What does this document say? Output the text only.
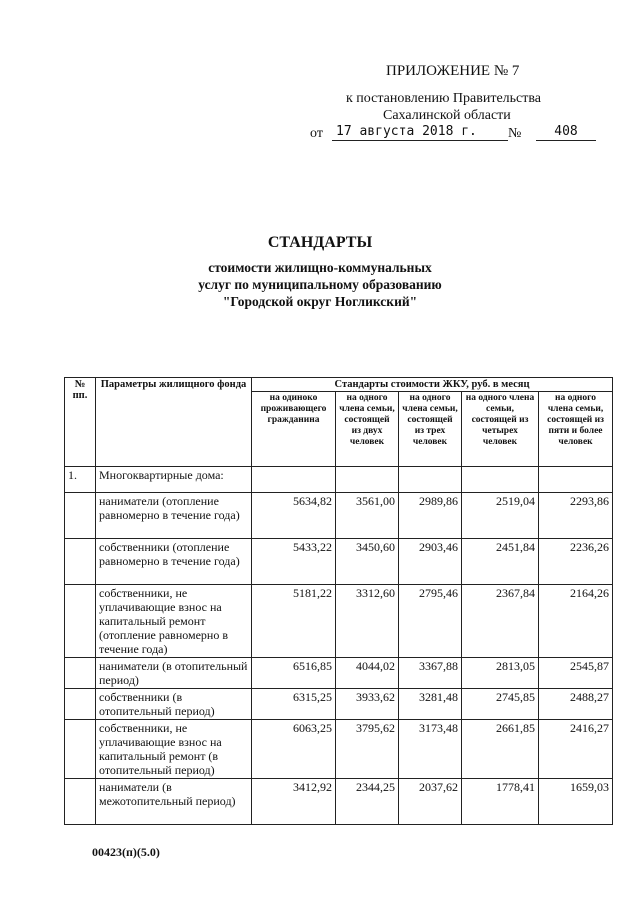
ПРИЛОЖЕНИЕ № 7
к постановлению Правительства
Сахалинской области
от	17 августа 2018 г.	№	408
СТАНДАРТЫ
стоимости жилищно-коммунальных
услуг по муниципальному образованию
"Городской округ Ногликский"
№ пп.	Параметры жилищного фонда	Стандарты стоимости ЖКУ, руб. в месяц				
		на одиноко проживающего гражданина	на одного члена семьи, состоящей из двух человек	на одного члена семьи, состоящей из трех человек	на одного члена семьи, состоящей из четырех человек	на одного члена семьи, состоящей из пяти и более человек
1.	Многоквартирные дома:					
	наниматели (отопление равномерно в течение года)	5634,82	3561,00	2989,86	2519,04	2293,86
	собственники (отопление равномерно в течение года)	5433,22	3450,60	2903,46	2451,84	2236,26
	собственники, не уплачивающие взнос на капитальный ремонт (отопление равномерно в течение года)	5181,22	3312,60	2795,46	2367,84	2164,26
	наниматели (в отопительный период)	6516,85	4044,02	3367,88	2813,05	2545,87
	собственники (в отопительный период)	6315,25	3933,62	3281,48	2745,85	2488,27
	собственники, не уплачивающие взнос на капитальный ремонт (в отопительный период)	6063,25	3795,62	3173,48	2661,85	2416,27
	наниматели (в межотопительный период)	3412,92	2344,25	2037,62	1778,41	1659,03
00423(п)(5.0)
